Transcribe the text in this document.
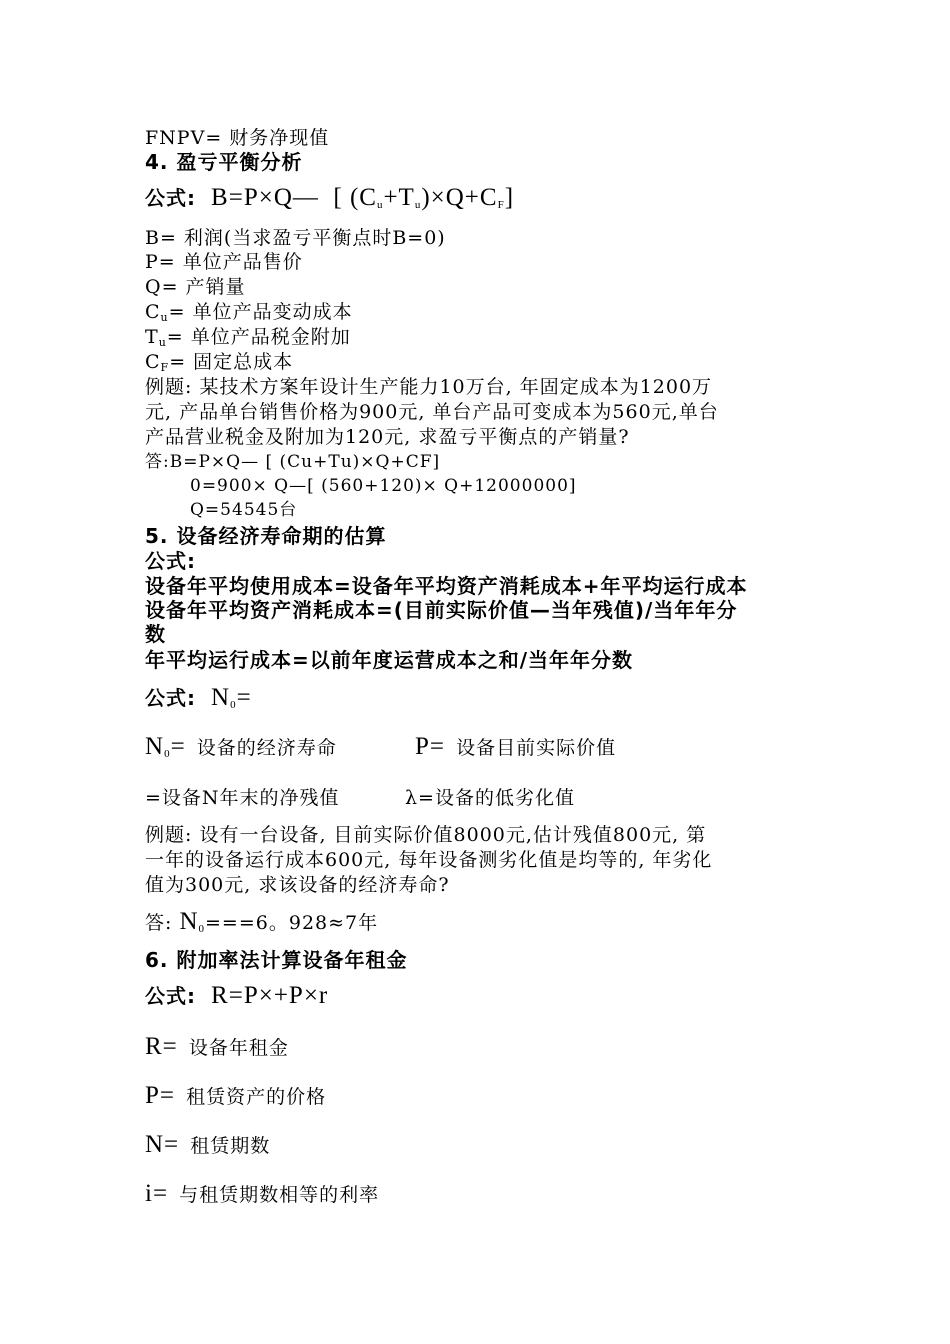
FNPV= 财务净现值
4. 盈亏平衡分析
公式: B=P×Q—  [ $(C_u+T_u)\times Q+C_F$]
B= 利润(当求盈亏平衡点时B=0)
P= 单位产品售价
Q= 产销量
$C_u=$ 单位产品变动成本
$T_u=$ 单位产品税金附加
$C_F=$ 固定总成本
例题: 某技术方案年设计生产能力10万台, 年固定成本为1200万
元, 产品单台销售价格为900元, 单台产品可变成本为560元,单台
产品营业税金及附加为120元, 求盈亏平衡点的产销量?
答:B=P×Q— [ (Cu+Tu)×Q+CF]
0=900× Q—[ (560+120)× Q+12000000]
Q=54545台
5. 设备经济寿命期的估算
公式:
设备年平均使用成本=设备年平均资产消耗成本+年平均运行成本
设备年平均资产消耗成本=(目前实际价值—当年残值)/当年年分
数
年平均运行成本=以前年度运营成本之和/当年年分数
公式: $N_0=$
$N_0=$ 设备的经济寿命	P= 设备目前实际价值
=设备N年末的净残值	λ=设备的低劣化值
例题: 设有一台设备, 目前实际价值8000元,估计残值800元, 第
一年的设备运行成本600元, 每年设备测劣化值是均等的, 年劣化
值为300元, 求该设备的经济寿命?
答: $N_0===6$。928≈7年
6. 附加率法计算设备年租金
公式: R=P×+P×r
R= 设备年租金
P= 租赁资产的价格
N= 租赁期数
i= 与租赁期数相等的利率
